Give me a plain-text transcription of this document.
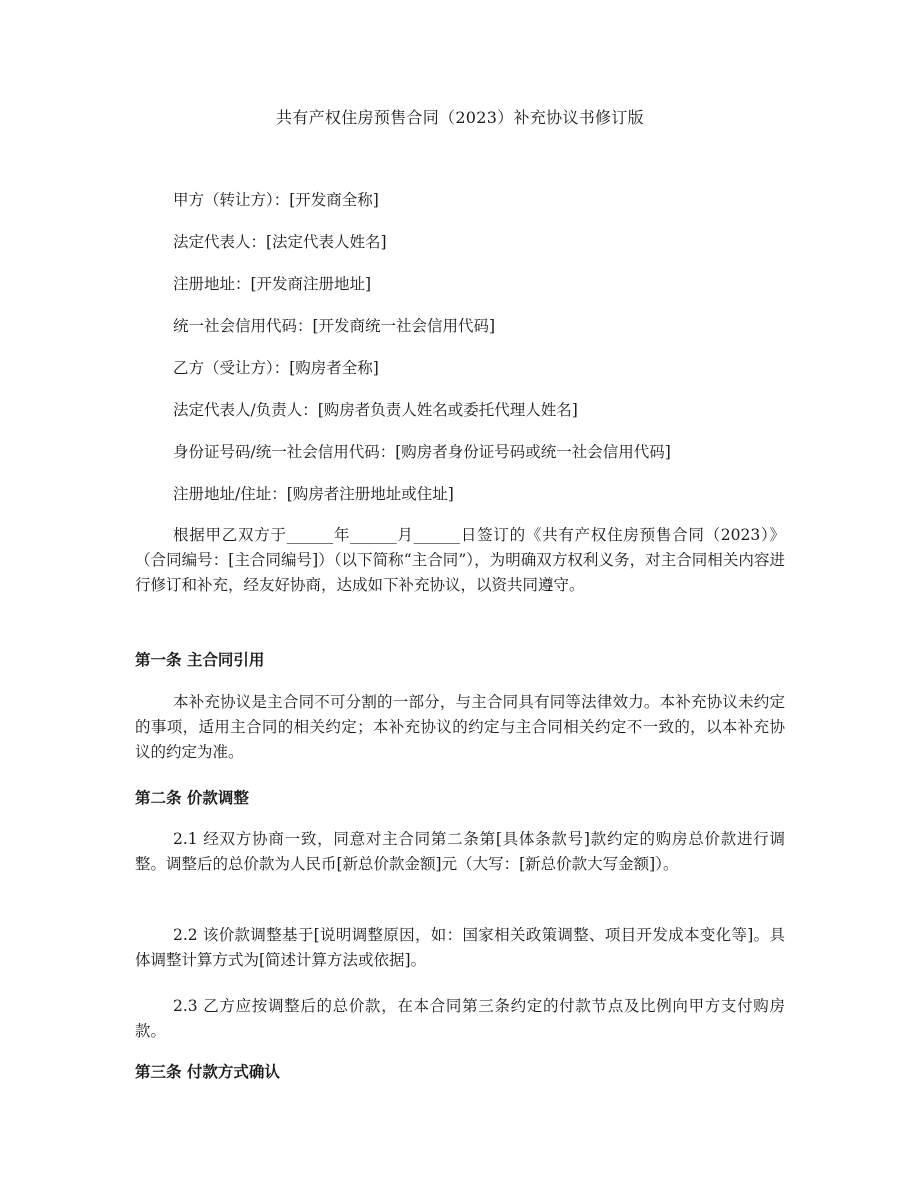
共有产权住房预售合同（2023）补充协议书修订版
甲方（转让方）：[开发商全称]
法定代表人：[法定代表人姓名]
注册地址：[开发商注册地址]
统一社会信用代码：[开发商统一社会信用代码]
乙方（受让方）：[购房者全称]
法定代表人/负责人：[购房者负责人姓名或委托代理人姓名]
身份证号码/统一社会信用代码：[购房者身份证号码或统一社会信用代码]
注册地址/住址：[购房者注册地址或住址]
根据甲乙双方于______年______月______日签订的《共有产权住房预售合同（2023）》（合同编号：[主合同编号]）（以下简称“主合同”），为明确双方权利义务，对主合同相关内容进行修订和补充，经友好协商，达成如下补充协议，以资共同遵守。
第一条 主合同引用
本补充协议是主合同不可分割的一部分，与主合同具有同等法律效力。本补充协议未约定的事项，适用主合同的相关约定；本补充协议的约定与主合同相关约定不一致的，以本补充协议的约定为准。
第二条 价款调整
2.1 经双方协商一致，同意对主合同第二条第[具体条款号]款约定的购房总价款进行调整。调整后的总价款为人民币[新总价款金额]元（大写：[新总价款大写金额]）。
2.2 该价款调整基于[说明调整原因，如：国家相关政策调整、项目开发成本变化等]。具体调整计算方式为[简述计算方法或依据]。
2.3 乙方应按调整后的总价款，在本合同第三条约定的付款节点及比例向甲方支付购房款。
第三条 付款方式确认
